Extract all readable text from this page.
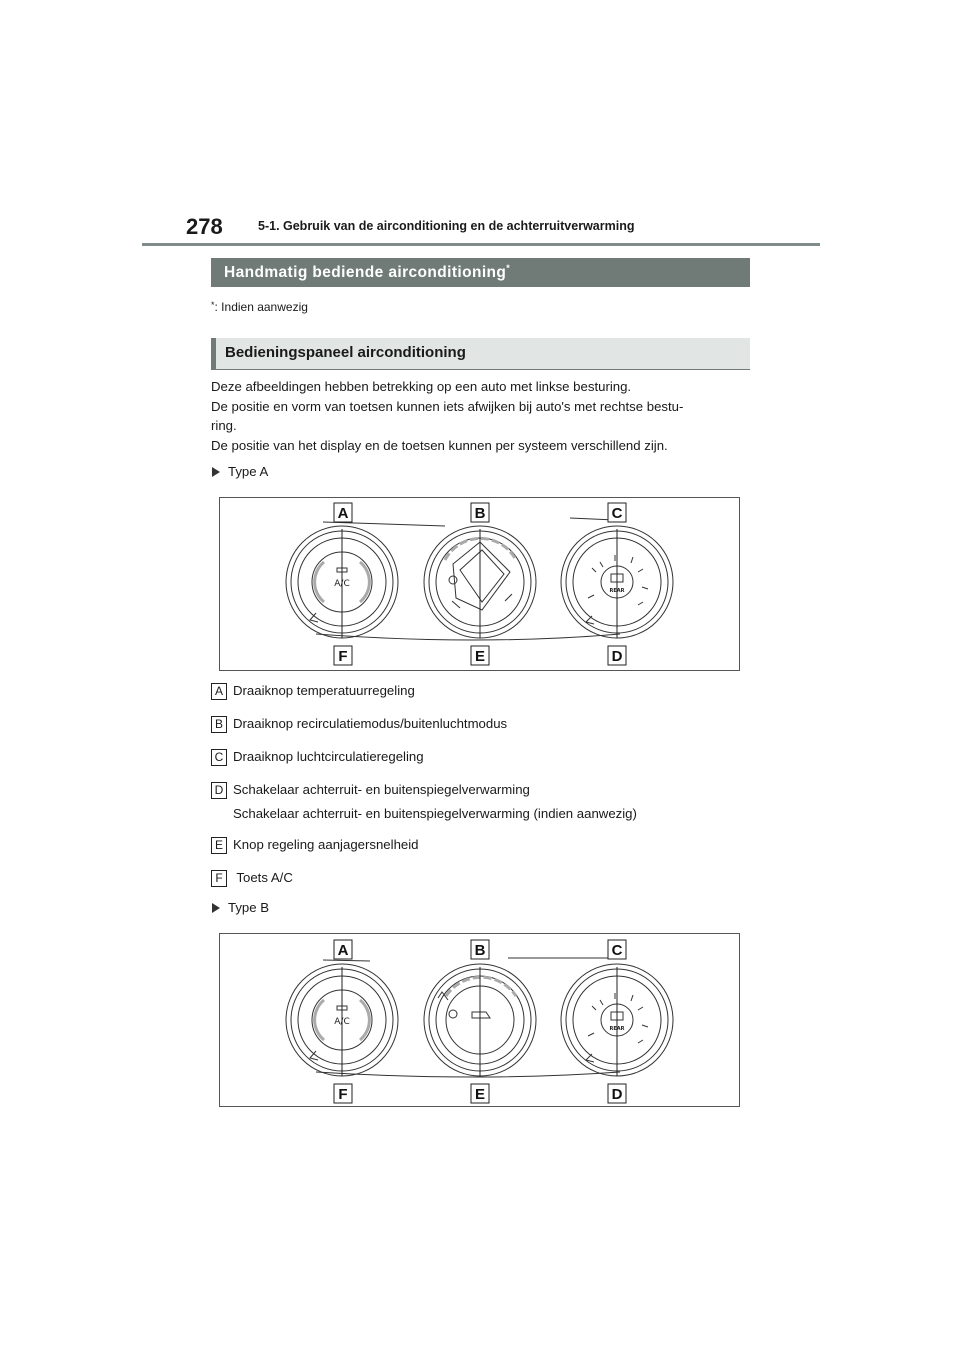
278	5-1. Gebruik van de airconditioning en de achterruitverwarming
Handmatig bediende airconditioning*
*: Indien aanwezig
Bedieningspaneel airconditioning

Deze afbeeldingen hebben betrekking op een auto met linkse besturing.

De positie en vorm van toetsen kunnen iets afwijken bij auto's met rechtse bestu-

ring.

De positie van het display en de toetsen kunnen per systeem verschillend zijn.

Type A
A/C
REAR
A	B	C
D
E
F
A Draaiknop temperatuurregeling
B Draaiknop recirculatiemodus/buitenluchtmodus
C Draaiknop luchtcirculatieregeling
D Schakelaar achterruit- en buitenspiegelverwarming
Schakelaar achterruit- en buitenspiegelverwarming (indien aanwezig)
E Knop regeling aanjagersnelheid
F Toets A/C
Type B
A/C
REAR
A	B	C
D
E
F
